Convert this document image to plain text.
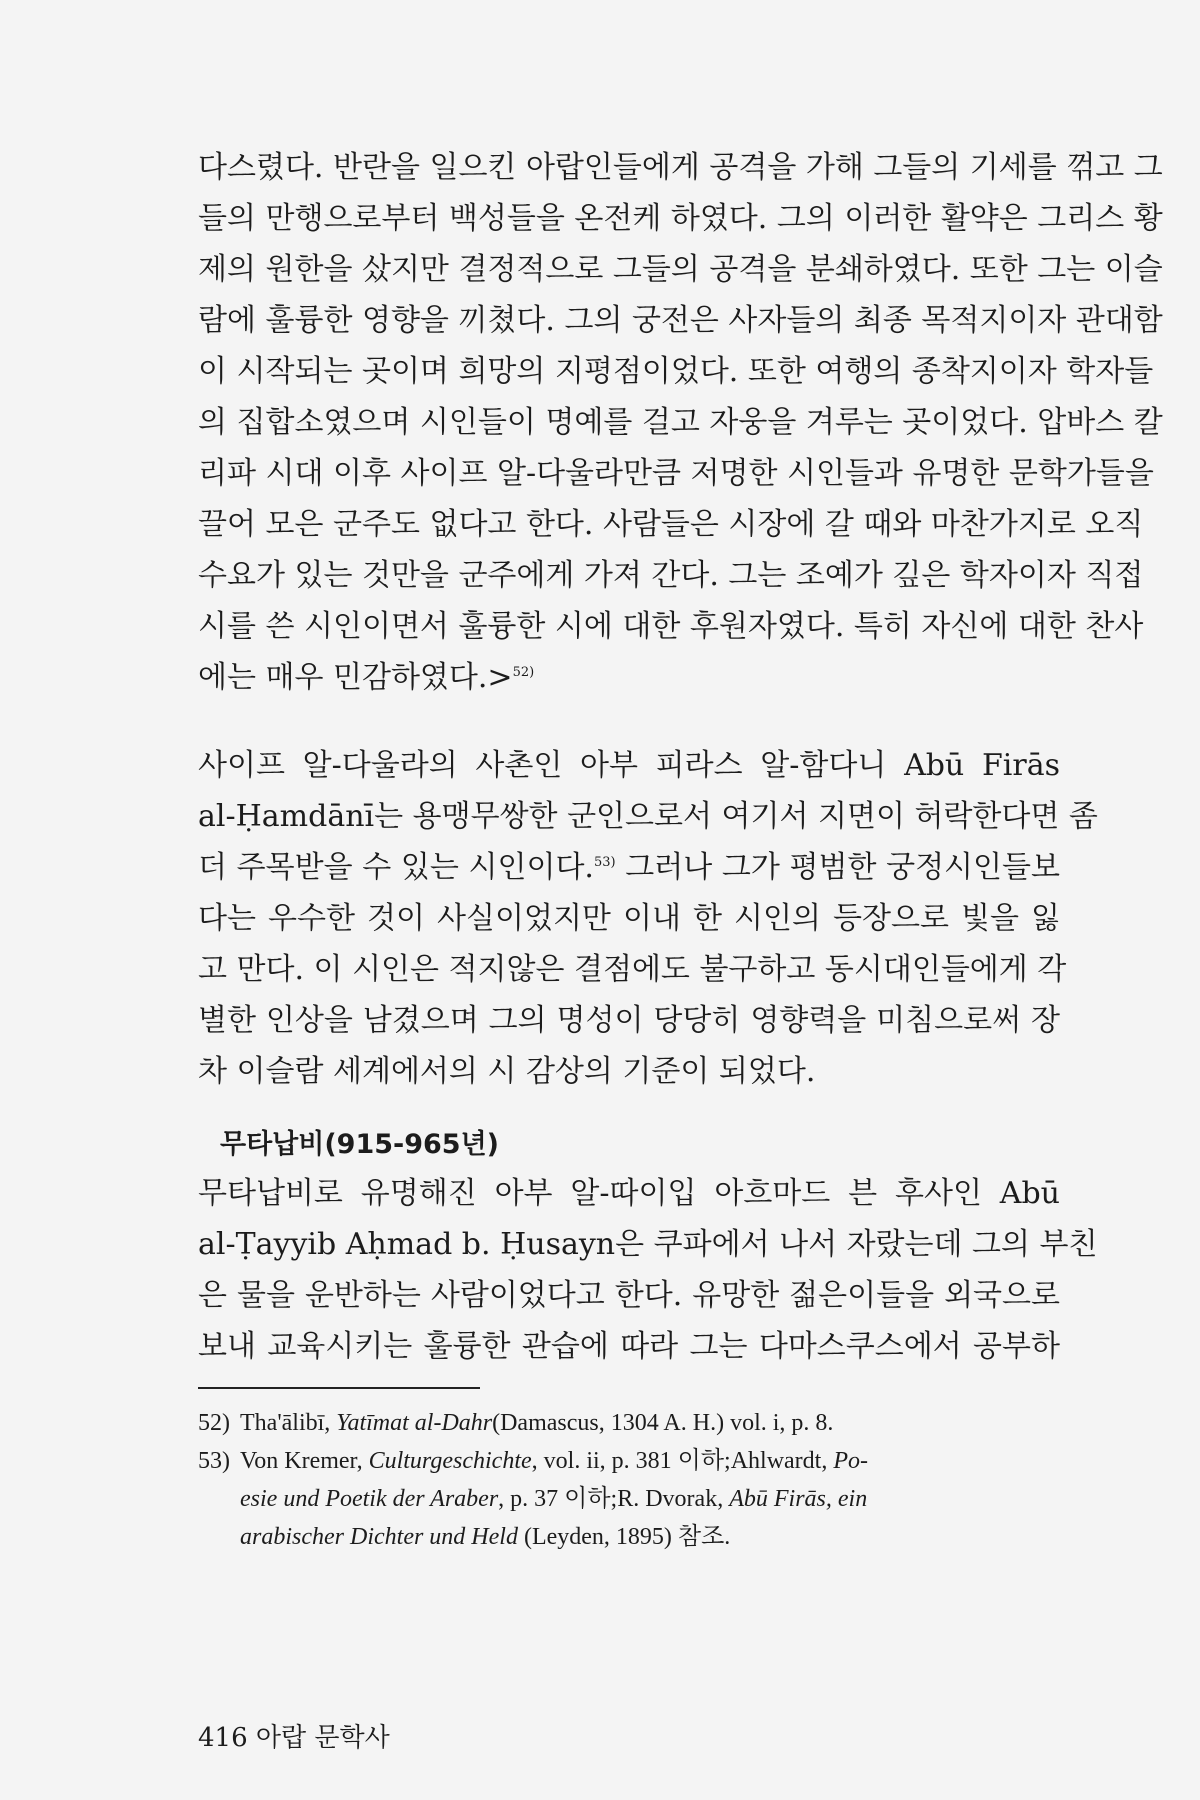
다스렸다. 반란을 일으킨 아랍인들에게 공격을 가해 그들의 기세를 꺾고 그
들의 만행으로부터 백성들을 온전케 하였다. 그의 이러한 활약은 그리스 황
제의 원한을 샀지만 결정적으로 그들의 공격을 분쇄하였다. 또한 그는 이슬
람에 훌륭한 영향을 끼쳤다. 그의 궁전은 사자들의 최종 목적지이자 관대함
이 시작되는 곳이며 희망의 지평점이었다. 또한 여행의 종착지이자 학자들
의 집합소였으며 시인들이 명예를 걸고 자웅을 겨루는 곳이었다. 압바스 칼
리파 시대 이후 사이프 알-다울라만큼 저명한 시인들과 유명한 문학가들을
끌어 모은 군주도 없다고 한다. 사람들은 시장에 갈 때와 마찬가지로 오직
수요가 있는 것만을 군주에게 가져 간다. 그는 조예가 깊은 학자이자 직접
시를 쓴 시인이면서 훌륭한 시에 대한 후원자였다. 특히 자신에 대한 찬사
에는 매우 민감하였다.>$^{52)}$
사이프 알-다울라의 사촌인 아부 피라스 알-함다니 Abū Firās
al-Ḥamdānī는 용맹무쌍한 군인으로서 여기서 지면이 허락한다면 좀
더 주목받을 수 있는 시인이다.$^{53)}$ 그러나 그가 평범한 궁정시인들보
다는 우수한 것이 사실이었지만 이내 한 시인의 등장으로 빛을 잃
고 만다. 이 시인은 적지않은 결점에도 불구하고 동시대인들에게 각
별한 인상을 남겼으며 그의 명성이 당당히 영향력을 미침으로써 장
차 이슬람 세계에서의 시 감상의 기준이 되었다.
무타납비(915-965년)
무타납비로 유명해진 아부 알-따이입 아흐마드 븐 후사인 Abū
al-Ṭayyib Aḥmad b. Ḥusayn은 쿠파에서 나서 자랐는데 그의 부친
은 물을 운반하는 사람이었다고 한다. 유망한 젊은이들을 외국으로
보내 교육시키는 훌륭한 관습에 따라 그는 다마스쿠스에서 공부하
52) Tha'ālibī, Yatīmat al-Dahr(Damascus, 1304 A. H.) vol. i, p. 8.
53) Von Kremer, Culturgeschichte, vol. ii, p. 381 이하;Ahlwardt, Po-
esie und Poetik der Araber, p. 37 이하;R. Dvorak, Abū Firās, ein
arabischer Dichter und Held (Leyden, 1895) 참조.
416 아랍 문학사
